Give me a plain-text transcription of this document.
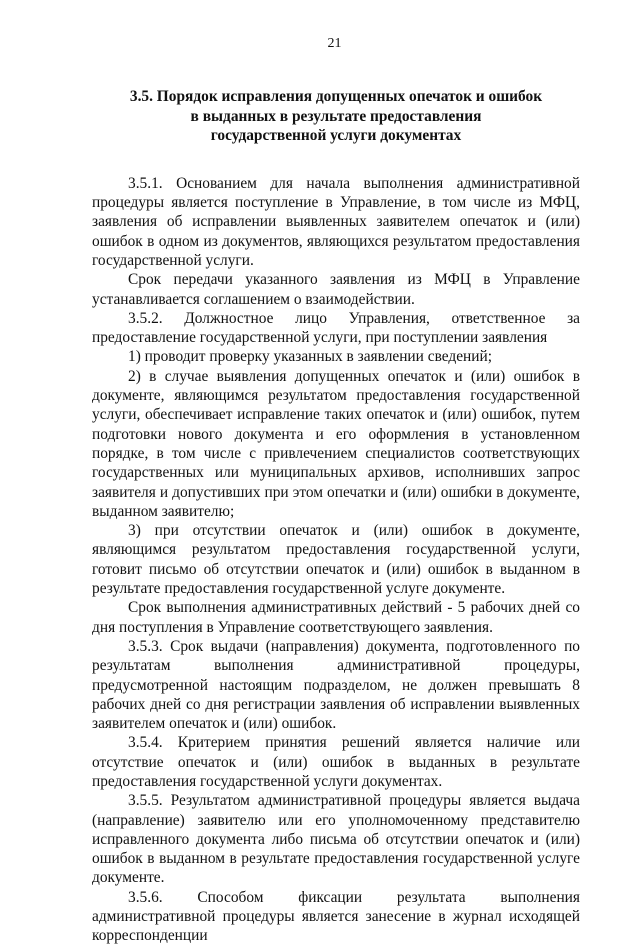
21
3.5. Порядок исправления допущенных опечаток и ошибок
в выданных в результате предоставления
государственной услуги документах

3.5.1. Основанием для начала выполнения административной процедуры является поступление в Управление, в том числе из МФЦ, заявления об исправлении выявленных заявителем опечаток и (или) ошибок в одном из документов, являющихся результатом предоставления государственной услуги.

Срок передачи указанного заявления из МФЦ в Управление устанавливается соглашением о взаимодействии.

3.5.2. Должностное лицо Управления, ответственное за предоставление государственной услуги, при поступлении заявления

1) проводит проверку указанных в заявлении сведений;

2) в случае выявления допущенных опечаток и (или) ошибок в документе, являющимся результатом предоставления государственной услуги, обеспечивает исправление таких опечаток и (или) ошибок, путем подготовки нового документа и его оформления в установленном порядке, в том числе с привлечением специалистов соответствующих государственных или муниципальных архивов, исполнивших запрос заявителя и допустивших при этом опечатки и (или) ошибки в документе, выданном заявителю;

3) при отсутствии опечаток и (или) ошибок в документе, являющимся результатом предоставления государственной услуги, готовит письмо об отсутствии опечаток и (или) ошибок в выданном в результате предоставления государственной услуге документе.

Срок выполнения административных действий - 5 рабочих дней со дня поступления в Управление соответствующего заявления.

3.5.3. Срок выдачи (направления) документа, подготовленного по результатам выполнения административной процедуры, предусмотренной настоящим подразделом, не должен превышать 8 рабочих дней со дня регистрации заявления об исправлении выявленных заявителем опечаток и (или) ошибок.

3.5.4. Критерием принятия решений является наличие или отсутствие опечаток и (или) ошибок в выданных в результате предоставления государственной услуги документах.

3.5.5. Результатом административной процедуры является выдача (направление) заявителю или его уполномоченному представителю исправленного документа либо письма об отсутствии опечаток и (или) ошибок в выданном в результате предоставления государственной услуге документе.

3.5.6. Способом фиксации результата выполнения административной процедуры является занесение в журнал исходящей корреспонденции
